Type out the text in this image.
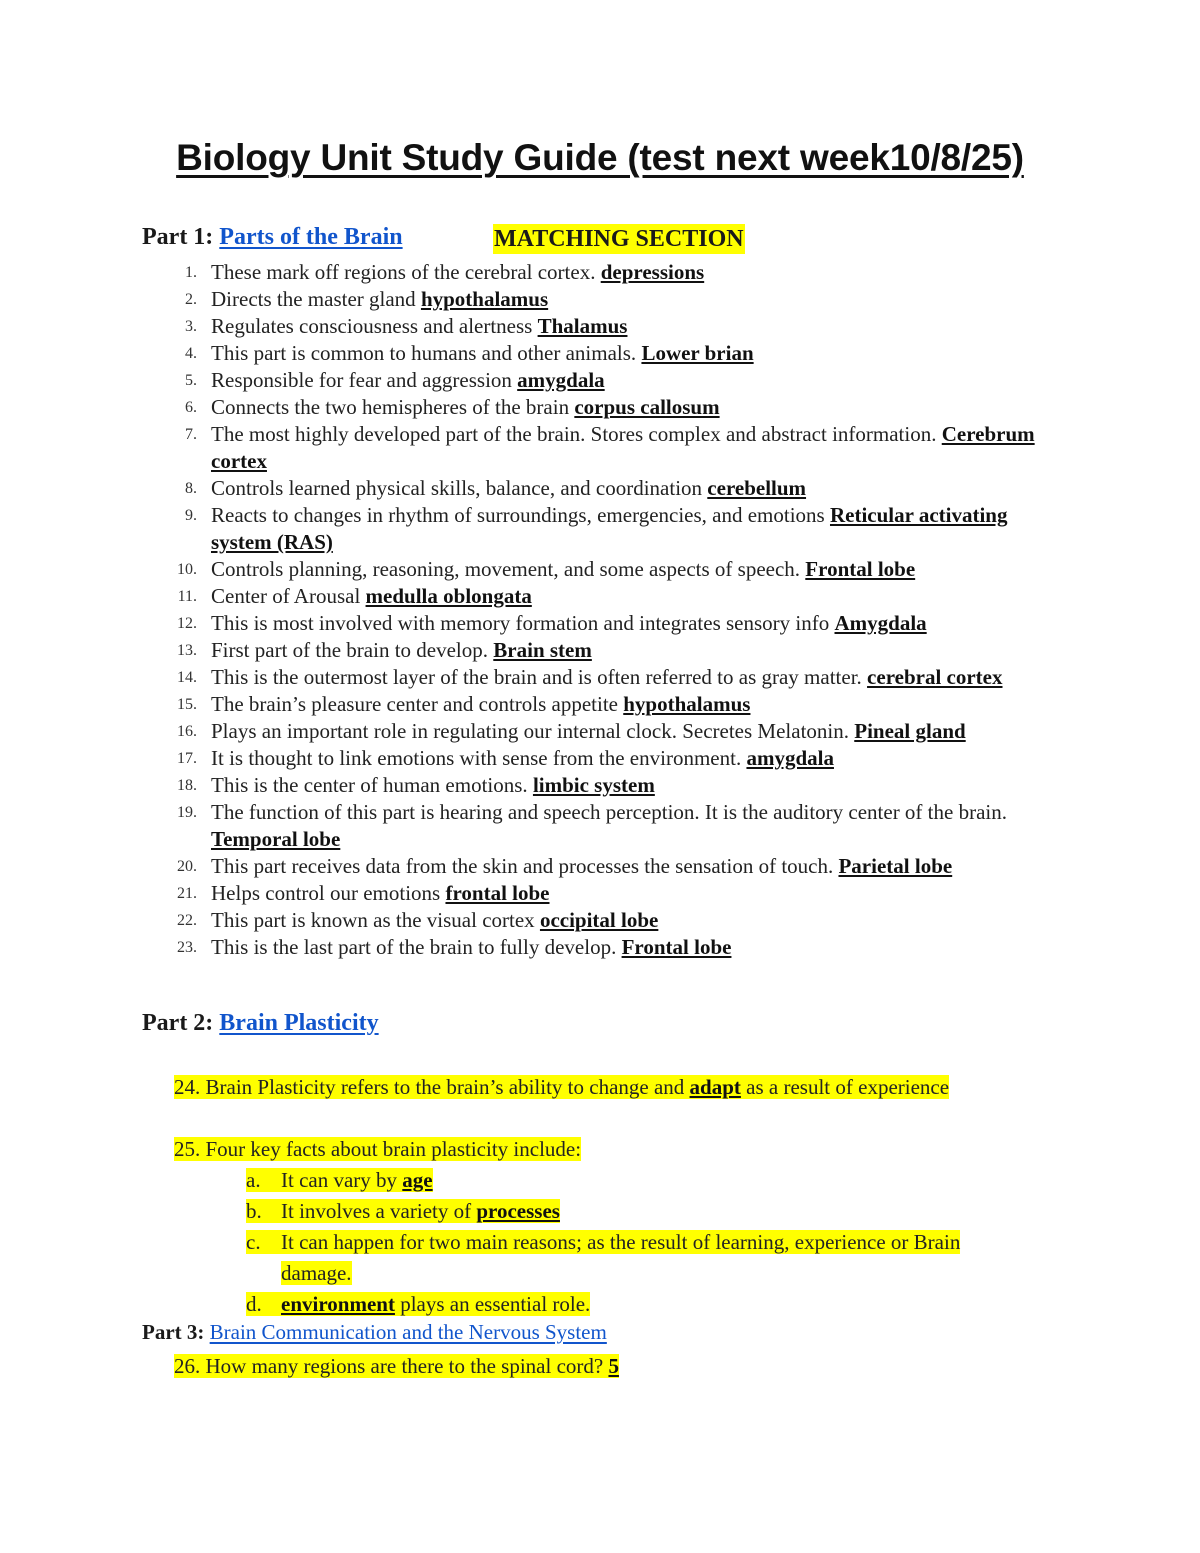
Biology Unit Study Guide (test next week10/8/25)
Part 1: Parts of the Brain	MATCHING SECTION
1. These mark off regions of the cerebral cortex. depressions
2. Directs the master gland hypothalamus
3. Regulates consciousness and alertness Thalamus
4. This part is common to humans and other animals. Lower brian
5. Responsible for fear and aggression amygdala
6. Connects the two hemispheres of the brain corpus callosum
7. The most highly developed part of the brain. Stores complex and abstract information. Cerebrum cortex
8. Controls learned physical skills, balance, and coordination cerebellum
9. Reacts to changes in rhythm of surroundings, emergencies, and emotions Reticular activating system (RAS)
10. Controls planning, reasoning, movement, and some aspects of speech. Frontal lobe
11. Center of Arousal medulla oblongata
12. This is most involved with memory formation and integrates sensory info Amygdala
13. First part of the brain to develop. Brain stem
14. This is the outermost layer of the brain and is often referred to as gray matter. cerebral cortex
15. The brain’s pleasure center and controls appetite hypothalamus
16. Plays an important role in regulating our internal clock. Secretes Melatonin. Pineal gland
17. It is thought to link emotions with sense from the environment. amygdala
18. This is the center of human emotions. limbic system
19. The function of this part is hearing and speech perception. It is the auditory center of the brain. Temporal lobe
20. This part receives data from the skin and processes the sensation of touch. Parietal lobe
21. Helps control our emotions frontal lobe
22. This part is known as the visual cortex occipital lobe
23. This is the last part of the brain to fully develop. Frontal lobe
Part 2: Brain Plasticity
24. Brain Plasticity refers to the brain’s ability to change and adapt as a result of experience
25. Four key facts about brain plasticity include:
a. It can vary by age
b. It involves a variety of processes
c. It can happen for two main reasons; as the result of learning, experience or Brain
damage.
d. environment plays an essential role.
Part 3: Brain Communication and the Nervous System
26. How many regions are there to the spinal cord? 5
